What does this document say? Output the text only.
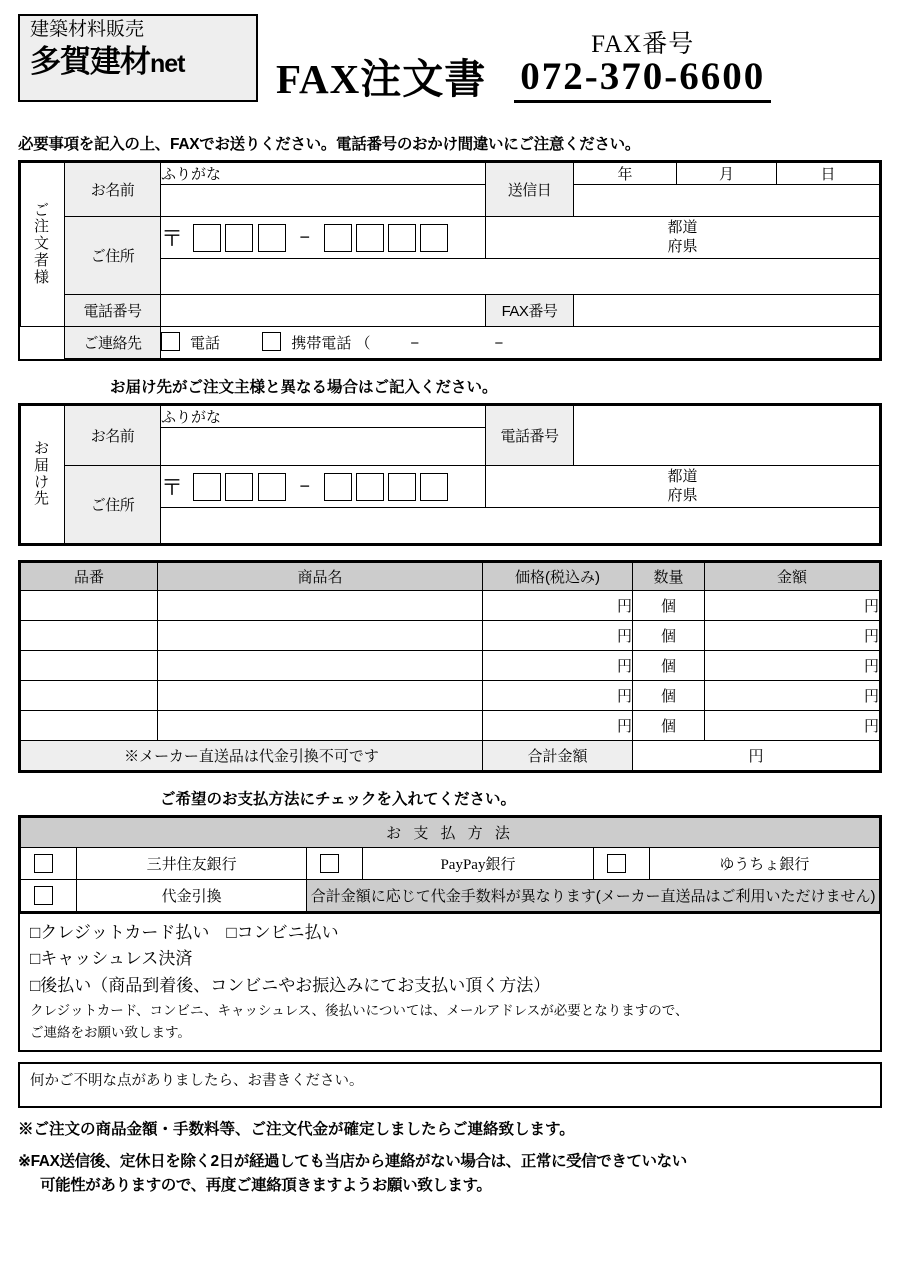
建築材料販売
多賀建材net	FAX注文書
FAX番号
072-370-6600
必要事項を記入の上、FAXでお送りください。電話番号のおかけ間違いにご注意ください。
ご
注
文
者
様	お名前	ふりがな	送信日	年	月	日

	ご住所	〒 −	都道
府県			

	電話番号		FAX番号			
	ご連絡先	電話 携帯電話 （ − −				
お届け先がご注文主様と異なる場合はご記入ください。
お
届
け
先	お名前	ふりがな	電話番号	

	ご住所	〒 −	都道
府県	

品番	商品名	価格(税込み)	数量	金額
		円	個	円
		円	個	円
		円	個	円
		円	個	円
		円	個	円
※メーカー直送品は代金引換不可です		合計金額	円	
ご希望のお支払方法にチェックを入れてください。
お 支 払 方 法					
	三井住友銀行		PayPay銀行		ゆうちょ銀行
	代金引換	合計金額に応じて代金手数料が異なります(メーカー直送品はご利用いただけません)			
□クレジットカード払い　□コンビニ払い
□キャッシュレス決済
□後払い（商品到着後、コンビニやお振込みにてお支払い頂く方法）
クレジットカード、コンビニ、キャッシュレス、後払いについては、メールアドレスが必要となりますので、
ご連絡をお願い致します。
何かご不明な点がありましたら、お書きください。
※ご注文の商品金額・手数料等、ご注文代金が確定しましたらご連絡致します。
※FAX送信後、定休日を除く2日が経過しても当店から連絡がない場合は、正常に受信できていない
可能性がありますので、再度ご連絡頂きますようお願い致します。
